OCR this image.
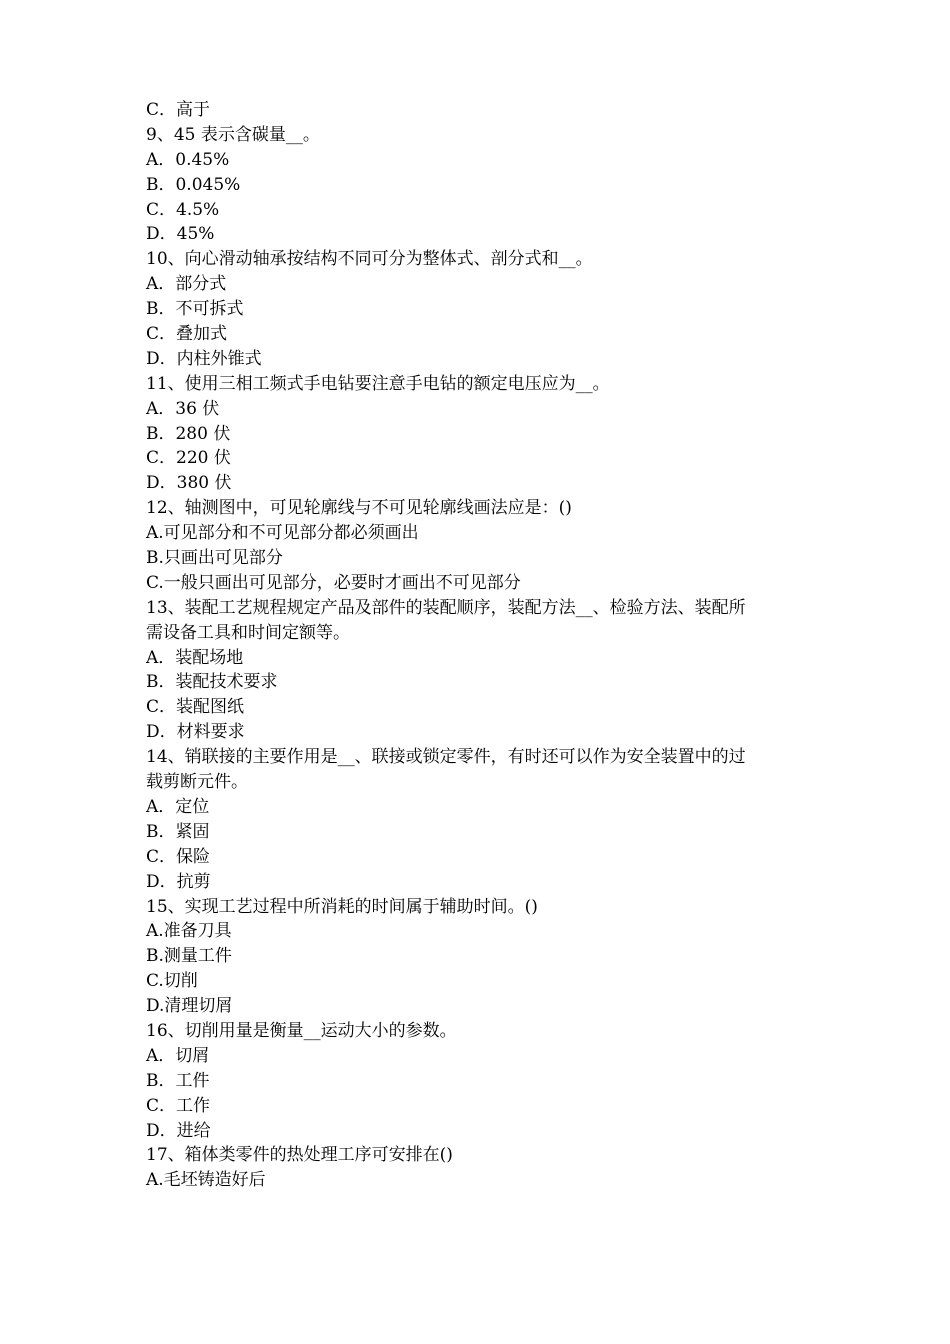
C．高于
9、45 表示含碳量__。
A．0.45%
B．0.045%
C．4.5%
D．45%
10、向心滑动轴承按结构不同可分为整体式、剖分式和__。
A．部分式
B．不可拆式
C．叠加式
D．内柱外锥式
11、使用三相工频式手电钻要注意手电钻的额定电压应为__。
A．36 伏
B．280 伏
C．220 伏
D．380 伏
12、轴测图中，可见轮廓线与不可见轮廓线画法应是：()
A.可见部分和不可见部分都必须画出
B.只画出可见部分
C.一般只画出可见部分，必要时才画出不可见部分
13、装配工艺规程规定产品及部件的装配顺序，装配方法__、检验方法、装配所
需设备工具和时间定额等。
A．装配场地
B．装配技术要求
C．装配图纸
D．材料要求
14、销联接的主要作用是__、联接或锁定零件，有时还可以作为安全装置中的过
载剪断元件。
A．定位
B．紧固
C．保险
D．抗剪
15、实现工艺过程中所消耗的时间属于辅助时间。()
A.准备刀具
B.测量工件
C.切削
D.清理切屑
16、切削用量是衡量__运动大小的参数。
A．切屑
B．工件
C．工作
D．进给
17、箱体类零件的热处理工序可安排在()
A.毛坯铸造好后
